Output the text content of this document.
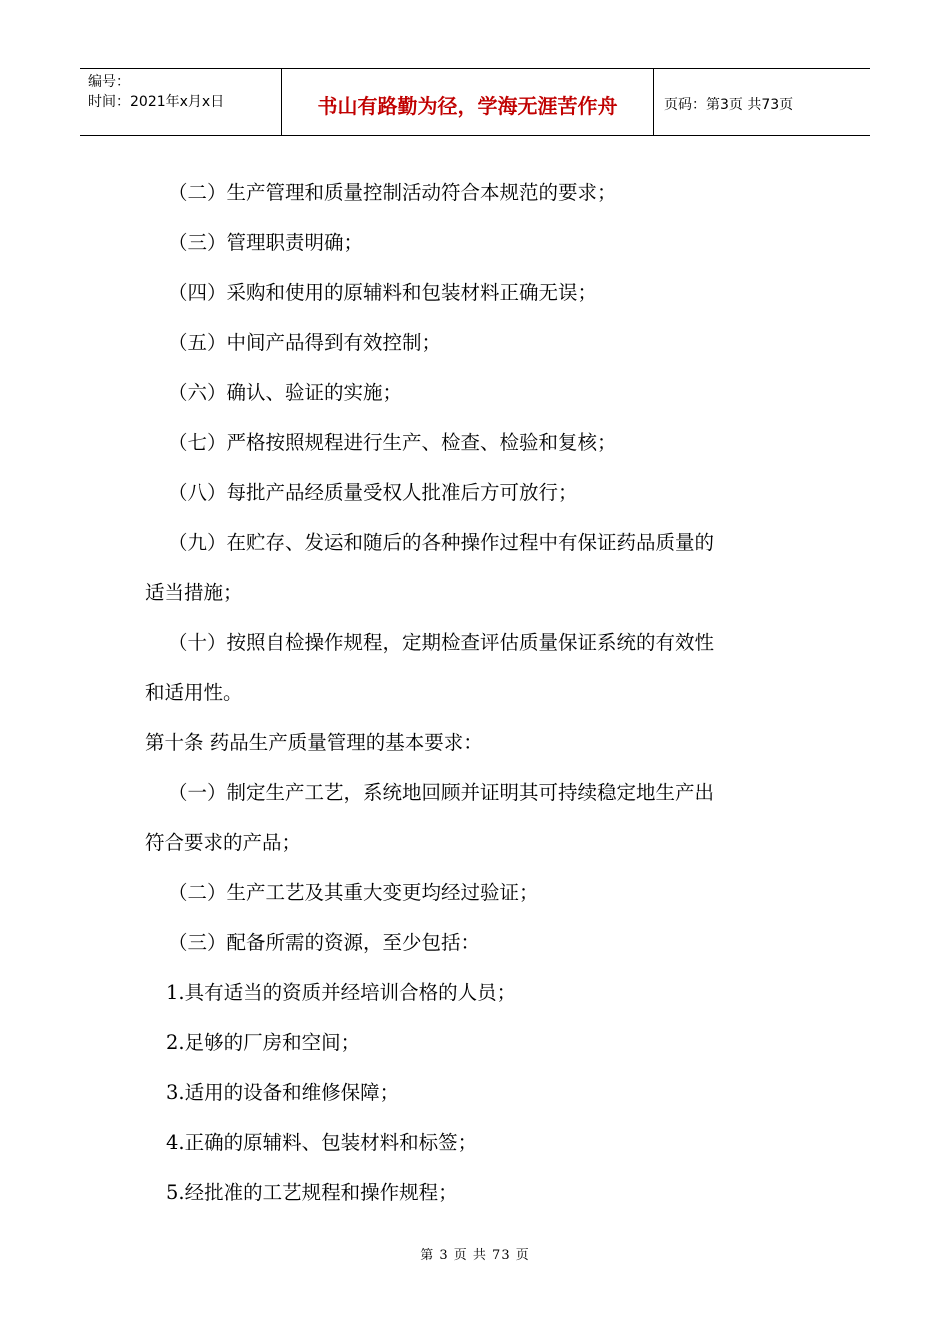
编号：
时间：2021年x月x日	书山有路勤为径，学海无涯苦作舟	页码：第3页 共73页
（二）生产管理和质量控制活动符合本规范的要求；
（三）管理职责明确；
（四）采购和使用的原辅料和包装材料正确无误；
（五）中间产品得到有效控制；
（六）确认、验证的实施；
（七）严格按照规程进行生产、检查、检验和复核；
（八）每批产品经质量受权人批准后方可放行；
（九）在贮存、发运和随后的各种操作过程中有保证药品质量的
适当措施；
（十）按照自检操作规程，定期检查评估质量保证系统的有效性
和适用性。
第十条 药品生产质量管理的基本要求：
（一）制定生产工艺，系统地回顾并证明其可持续稳定地生产出
符合要求的产品；
（二）生产工艺及其重大变更均经过验证；
（三）配备所需的资源，至少包括：
1.具有适当的资质并经培训合格的人员；
2.足够的厂房和空间；
3.适用的设备和维修保障；
4.正确的原辅料、包装材料和标签；
5.经批准的工艺规程和操作规程；
第 3 页 共 73 页
